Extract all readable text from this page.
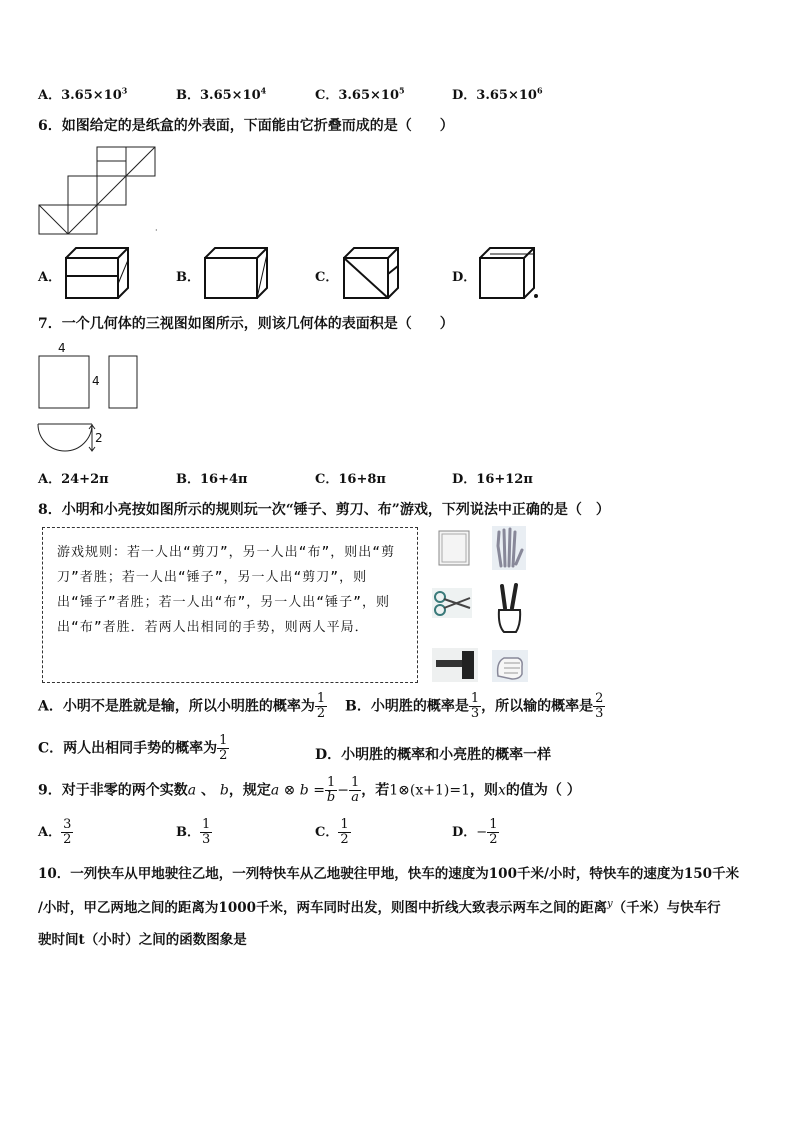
A．$3.65\times 10^3$	B．$3.65\times 10^4$	C．$3.65\times 10^5$	D．$3.65\times 10^6$
6．如图给定的是纸盒的外表面，下面能由它折叠而成的是（　　）
·
A．	B．	C．	D．
7．一个几何体的三视图如图所示，则该几何体的表面积是（　　）
4
4
2
A．24+2π	B．16+4π	C．16+8π	D．16+12π
8．小明和小亮按如图所示的规则玩一次“锤子、剪刀、布”游戏，下列说法中正确的是（　）
游戏规则：若一人出“剪刀”，另一人出“布”，则出“剪刀”者胜；若一人出“锤子”，另一人出“剪刀”，则出“锤子”者胜；若一人出“布”，另一人出“锤子”，则出“布”者胜．若两人出相同的手势，则两人平局．
A．小明不是胜就是输，所以小明胜的概率为 $\frac{1}{2}$ B．小明胜的概率是 $\frac{1}{3}$ ，所以输的概率是 $\frac{2}{3}$
C．两人出相同手势的概率为 $\frac{1}{2}$	D．小明胜的概率和小亮胜的概率一样
9．对于非零的两个实数a 、 b，规定a ⊗ $b = \frac{1}{b}- \frac{1}{a}$，若1⊗(x+1)=1，则x的值为（ ）
A． $\frac{3}{2}$	B． $\frac{1}{3}$	C． $\frac{1}{2}$	D．− $\frac{1}{2}$
10．一列快车从甲地驶往乙地，一列特快车从乙地驶往甲地，快车的速度为100千米/小时，特快车的速度为150千米
/小时，甲乙两地之间的距离为1000千米，两车同时出发，则图中折线大致表示两车之间的距离$^y$（千米）与快车行
驶时间t（小时）之间的函数图象是
